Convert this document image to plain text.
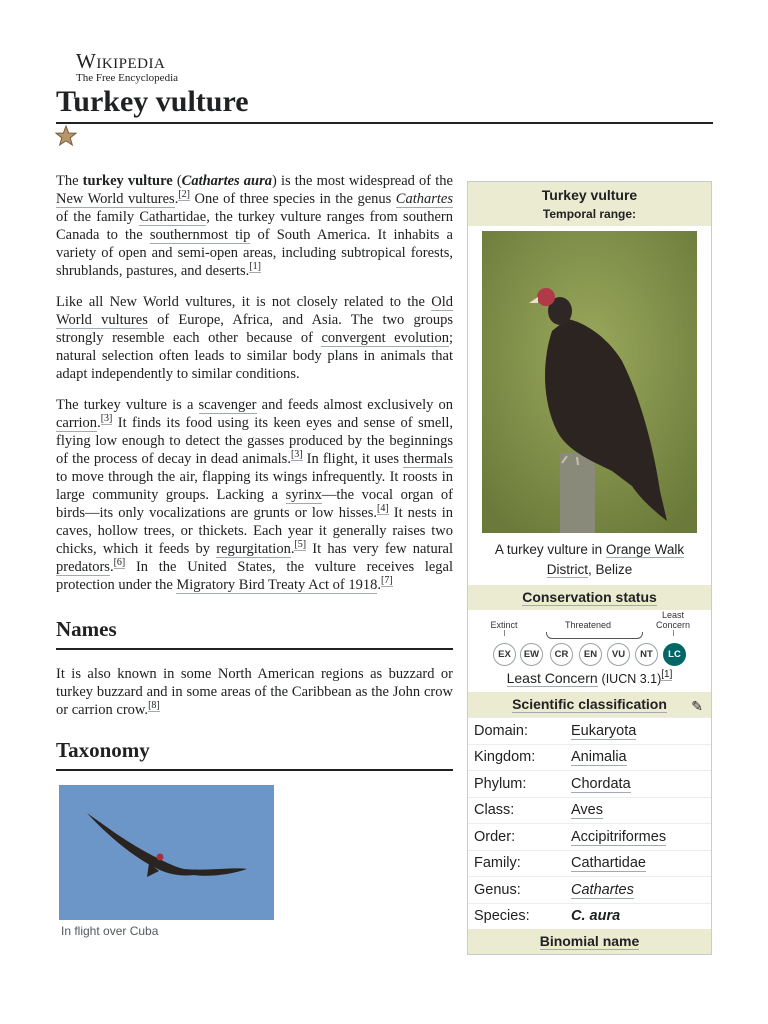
Wikipedia
The Free Encyclopedia
Turkey vulture

The turkey vulture (Cathartes aura) is the most widespread of the New World vultures.[2] One of three species in the genus Cathartes of the family Cathartidae, the turkey vulture ranges from southern Canada to the southernmost tip of South America. It inhabits a variety of open and semi-open areas, including subtropical forests, shrublands, pastures, and deserts.[1]

Like all New World vultures, it is not closely related to the Old World vultures of Europe, Africa, and Asia. The two groups strongly resemble each other because of convergent evolution; natural selection often leads to similar body plans in animals that adapt independently to similar conditions.

The turkey vulture is a scavenger and feeds almost exclusively on carrion.[3] It finds its food using its keen eyes and sense of smell, flying low enough to detect the gasses produced by the beginnings of the process of decay in dead animals.[3] In flight, it uses thermals to move through the air, flapping its wings infrequently. It roosts in large community groups. Lacking a syrinx—the vocal organ of birds—its only vocalizations are grunts or low hisses.[4] It nests in caves, hollow trees, or thickets. Each year it generally raises two chicks, which it feeds by regurgitation.[5] It has very few natural predators.[6] In the United States, the vulture receives legal protection under the Migratory Bird Treaty Act of 1918.[7]

Names

It is also known in some North American regions as buzzard or turkey buzzard and in some areas of the Caribbean as the John crow or carrion crow.[8]

Taxonomy
In flight over Cuba
Turkey vulture
Temporal range:
A turkey vulture in Orange Walk District, Belize
Conservation status
Extinct	Threatened
Least
Concern
EX	EW	CR	EN	VU	NT	LC
Least Concern (IUCN 3.1)[1]
Scientific classification ✎
Domain:	Eukaryota
Kingdom:	Animalia
Phylum:	Chordata
Class:	Aves
Order:	Accipitriformes
Family:	Cathartidae
Genus:	Cathartes
Species:	C. aura
Binomial name
